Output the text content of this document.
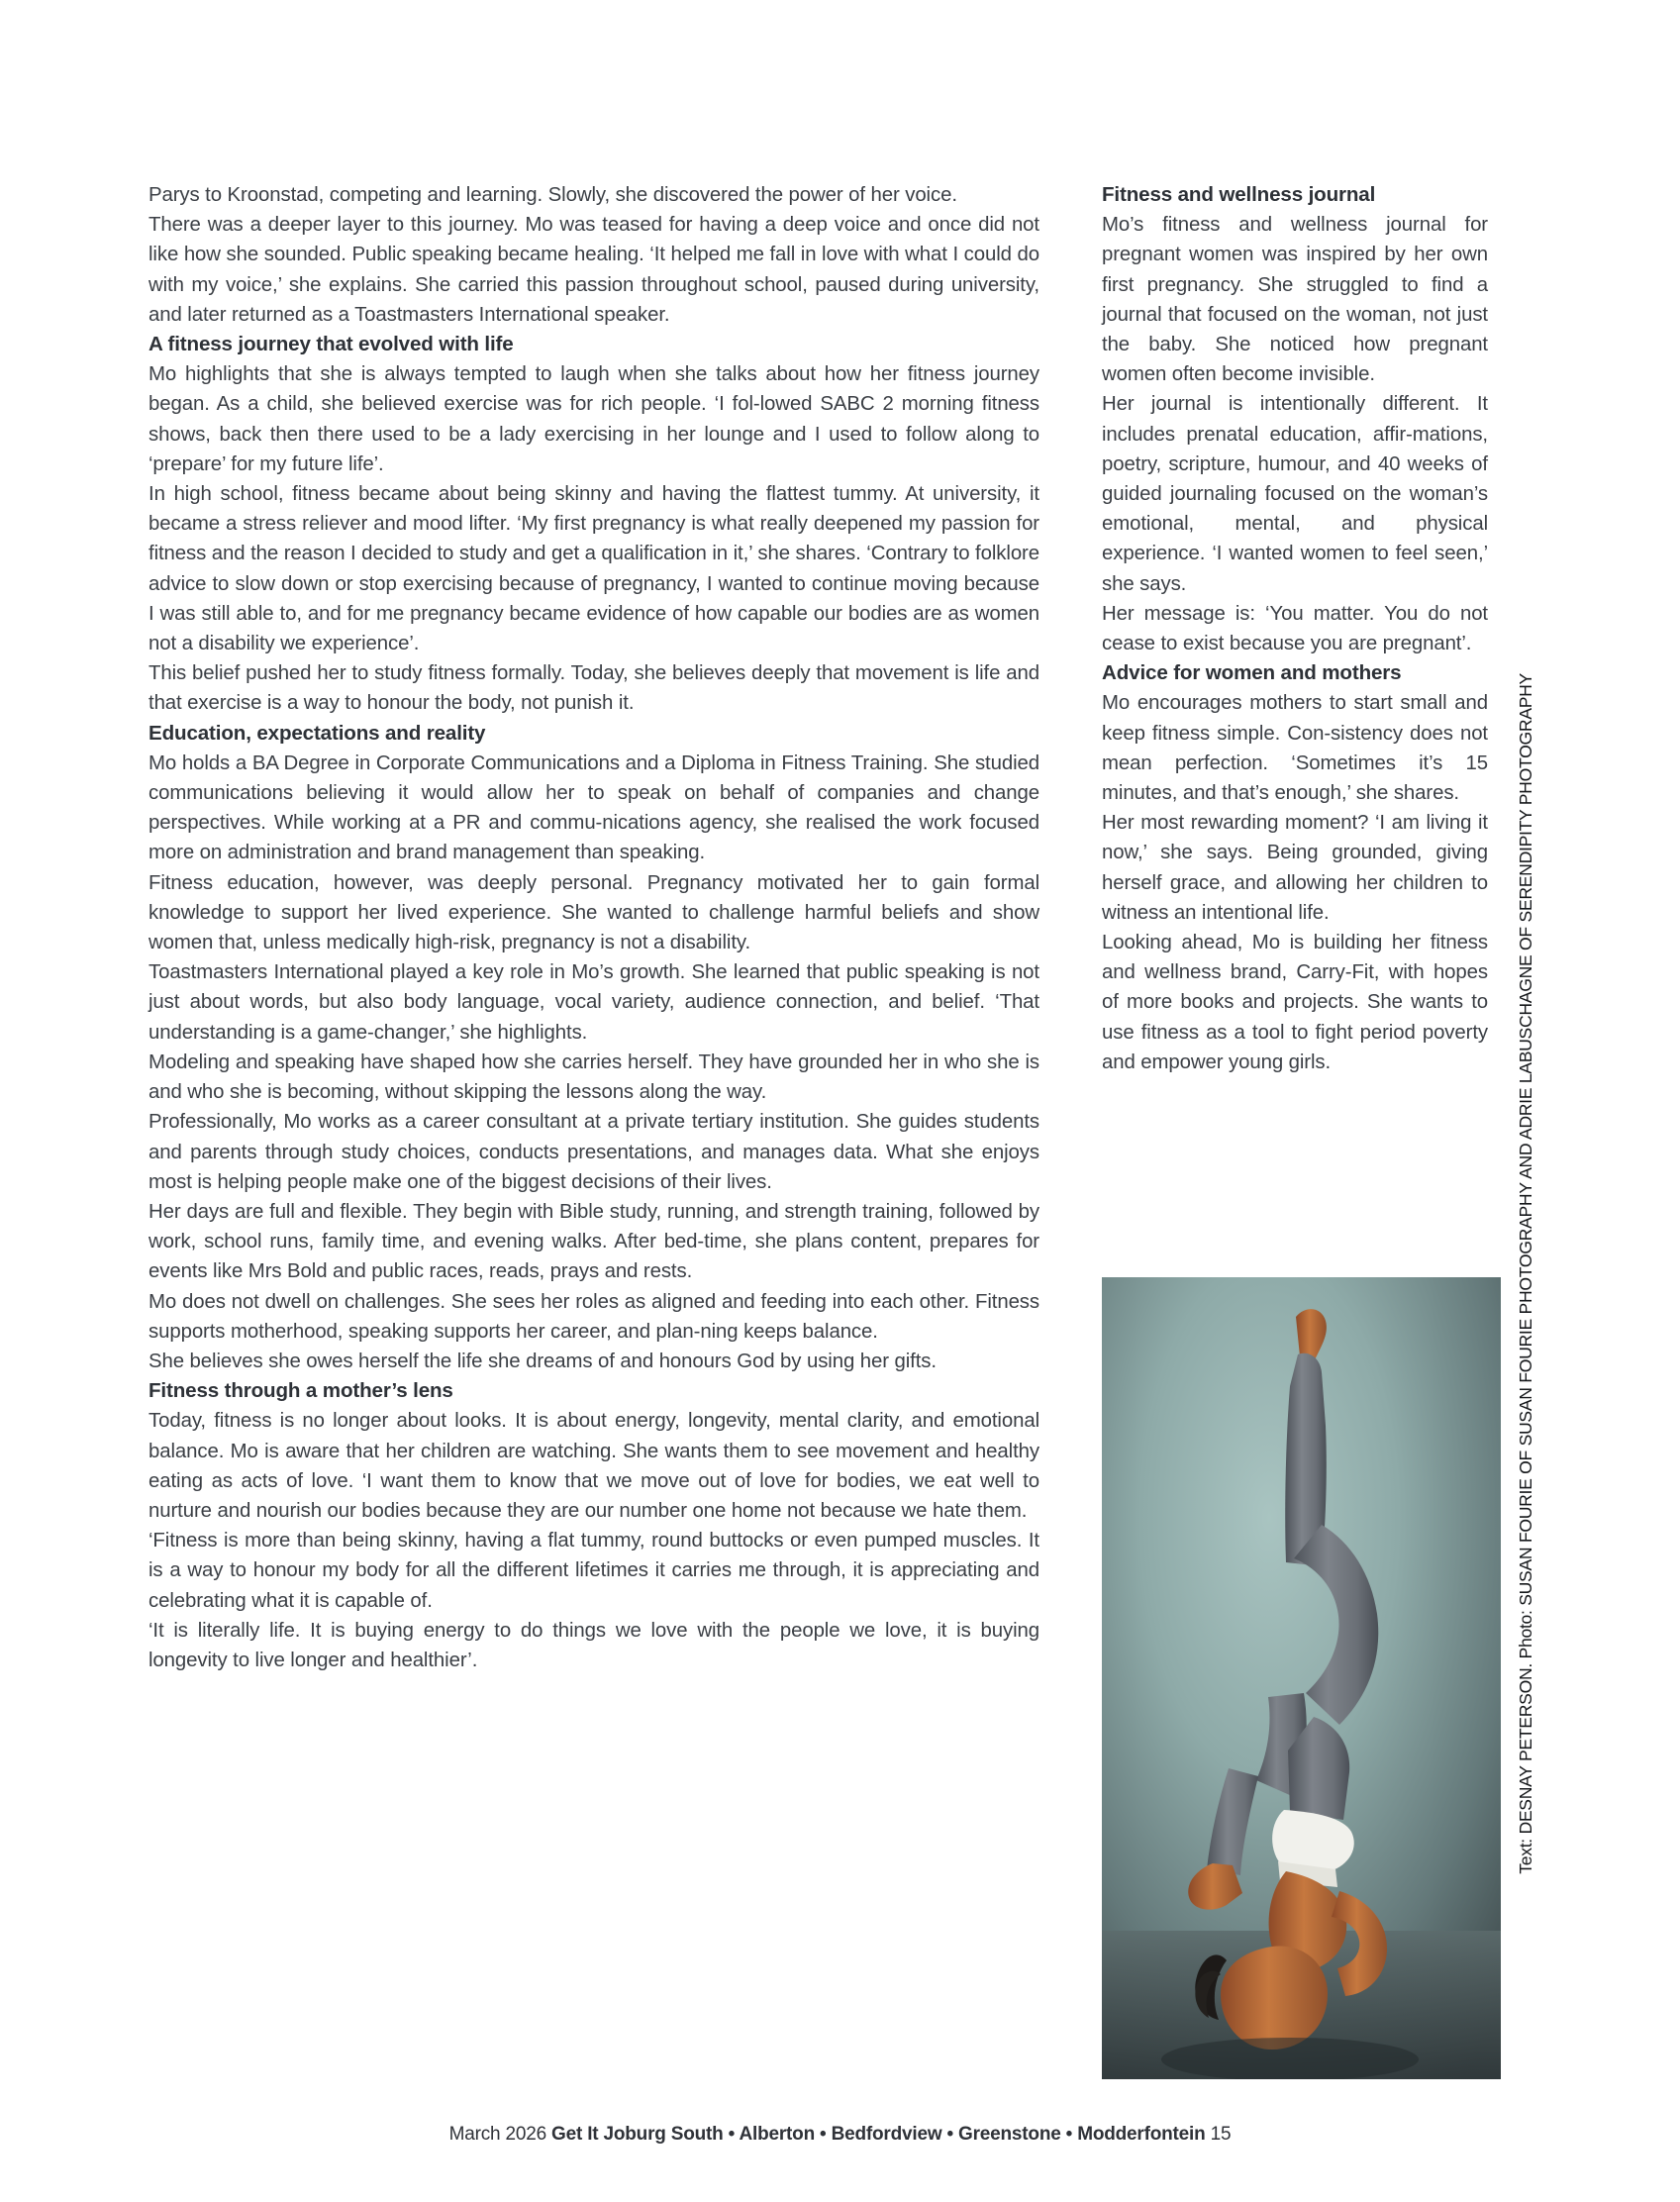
Parys to Kroonstad, competing and learning. Slowly, she discovered the power of her voice.

There was a deeper layer to this journey. Mo was teased for having a deep voice and once did not like how she sounded. Public speaking became healing. ‘It helped me fall in love with what I could do with my voice,’ she explains. She carried this passion throughout school, paused during university, and later returned as a Toastmasters International speaker.

A fitness journey that evolved with life

Mo highlights that she is always tempted to laugh when she talks about how her fitness journey began. As a child, she believed exercise was for rich people. ‘I fol-lowed SABC 2 morning fitness shows, back then there used to be a lady exercising in her lounge and I used to follow along to ‘prepare’ for my future life’.

In high school, fitness became about being skinny and having the flattest tummy. At university, it became a stress reliever and mood lifter. ‘My first pregnancy is what really deepened my passion for fitness and the reason I decided to study and get a qualification in it,’ she shares. ‘Contrary to folklore advice to slow down or stop exercising because of pregnancy, I wanted to continue moving because I was still able to, and for me pregnancy became evidence of how capable our bodies are as women not a disability we experience’.

This belief pushed her to study fitness formally. Today, she believes deeply that movement is life and that exercise is a way to honour the body, not punish it.

Education, expectations and reality

Mo holds a BA Degree in Corporate Communications and a Diploma in Fitness Training. She studied communications believing it would allow her to speak on behalf of companies and change perspectives. While working at a PR and commu-nications agency, she realised the work focused more on administration and brand management than speaking.

Fitness education, however, was deeply personal. Pregnancy motivated her to gain formal knowledge to support her lived experience. She wanted to challenge harmful beliefs and show women that, unless medically high-risk, pregnancy is not a disability.

Toastmasters International played a key role in Mo’s growth. She learned that public speaking is not just about words, but also body language, vocal variety, audience connection, and belief. ‘That understanding is a game-changer,’ she highlights.

Modeling and speaking have shaped how she carries herself. They have grounded her in who she is and who she is becoming, without skipping the lessons along the way.

Professionally, Mo works as a career consultant at a private tertiary institution. She guides students and parents through study choices, conducts presentations, and manages data. What she enjoys most is helping people make one of the biggest decisions of their lives.

Her days are full and flexible. They begin with Bible study, running, and strength training, followed by work, school runs, family time, and evening walks. After bed-time, she plans content, prepares for events like Mrs Bold and public races, reads, prays and rests.

Mo does not dwell on challenges. She sees her roles as aligned and feeding into each other. Fitness supports motherhood, speaking supports her career, and plan-ning keeps balance.

She believes she owes herself the life she dreams of and honours God by using her gifts.

Fitness through a mother’s lens

Today, fitness is no longer about looks. It is about energy, longevity, mental clarity, and emotional balance. Mo is aware that her children are watching. She wants them to see movement and healthy eating as acts of love. ‘I want them to know that we move out of love for bodies, we eat well to nurture and nourish our bodies because they are our number one home not because we hate them.

‘Fitness is more than being skinny, having a flat tummy, round buttocks or even pumped muscles. It is a way to honour my body for all the different lifetimes it carries me through, it is appreciating and celebrating what it is capable of.

‘It is literally life. It is buying energy to do things we love with the people we love, it is buying longevity to live longer and healthier’.

Fitness and wellness journal

Mo’s fitness and wellness journal for pregnant women was inspired by her own first pregnancy. She struggled to find a journal that focused on the woman, not just the baby. She noticed how pregnant women often become invisible.

Her journal is intentionally different. It includes prenatal education, affir-mations, poetry, scripture, humour, and 40 weeks of guided journaling focused on the woman’s emotional, mental, and physical experience. ‘I wanted women to feel seen,’ she says.

Her message is: ‘You matter. You do not cease to exist because you are pregnant’.

Advice for women and mothers

Mo encourages mothers to start small and keep fitness simple. Con-sistency does not mean perfection. ‘Sometimes it’s 15 minutes, and that’s enough,’ she shares.

Her most rewarding moment? ‘I am living it now,’ she says. Being grounded, giving herself grace, and allowing her children to witness an intentional life.

Looking ahead, Mo is building her fitness and wellness brand, Carry-Fit, with hopes of more books and projects. She wants to use fitness as a tool to fight period poverty and empower young girls.	Text: DESNAY PETERSON. Photo: SUSAN FOURIE OF SUSAN FOURIE PHOTOGRAPHY AND ADRIE LABUSCHAGNE OF SERENDIPITY PHOTOGRAPHY
March 2026 Get It Joburg South • Alberton • Bedfordview • Greenstone • Modderfontein 15
